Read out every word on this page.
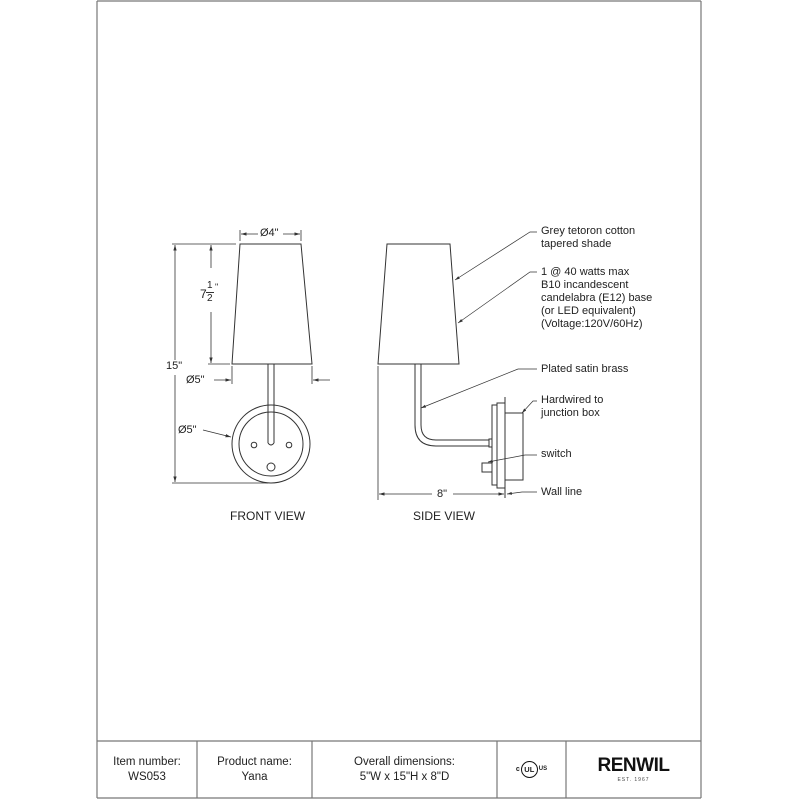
Ø4"
15"
7
1
2
"
Ø5"
Ø5"
8"
FRONT VIEW	SIDE VIEW
Grey tetoron cotton
tapered shade
1 @ 40 watts max
B10 incandescent
candelabra (E12) base
(or LED equivalent)
(Voltage:120V/60Hz)
Plated satin brass
Hardwired to
junction box
switch
Wall line
Item number:
WS053
Product name:
Yana
Overall dimensions:
5"W x 15"H x 8"D
c UL US	RENWIL
EST. 1967
